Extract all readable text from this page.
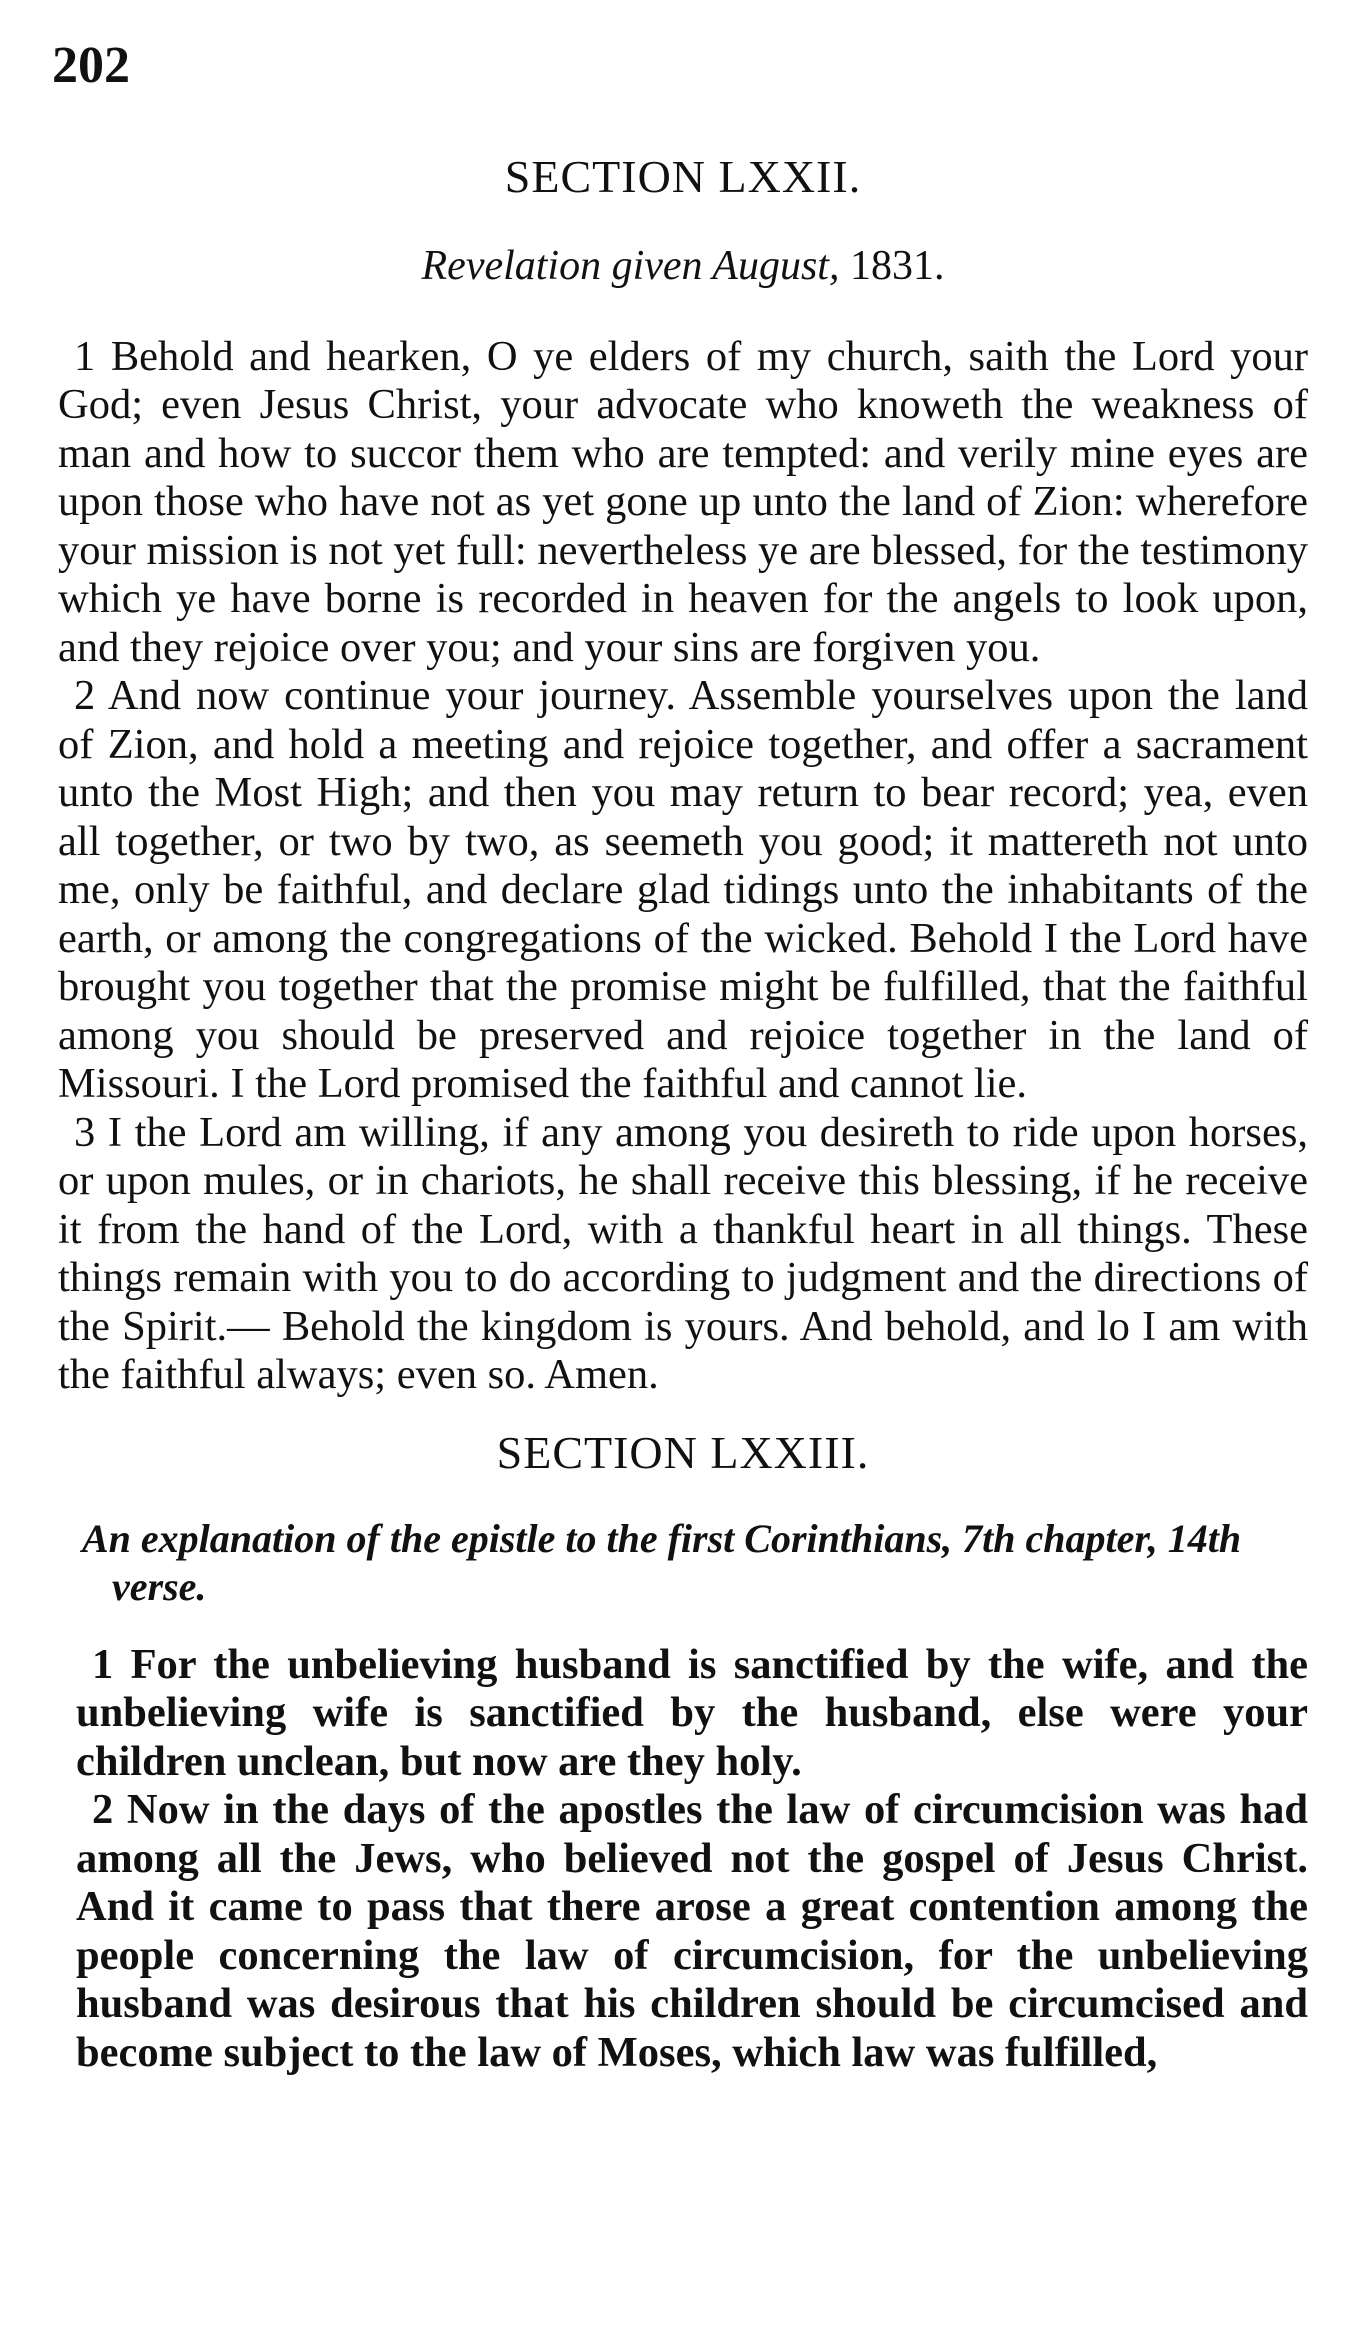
202
SECTION LXXII.
Revelation given August, 1831.

1 Behold and hearken, O ye elders of my church, saith the Lord your God; even Jesus Christ, your advocate who knoweth the weakness of man and how to succor them who are tempted: and verily mine eyes are upon those who have not as yet gone up unto the land of Zion: wherefore your mission is not yet full: nevertheless ye are blessed, for the testimony which ye have borne is recorded in heaven for the angels to look upon, and they rejoice over you; and your sins are forgiven you.

2 And now continue your journey. Assemble yourselves upon the land of Zion, and hold a meeting and rejoice together, and offer a sacrament unto the Most High; and then you may return to bear record; yea, even all together, or two by two, as seemeth you good; it mattereth not unto me, only be faithful, and declare glad tidings unto the inhabitants of the earth, or among the congregations of the wicked. Behold I the Lord have brought you together that the promise might be fulfilled, that the faithful among you should be preserved and rejoice together in the land of Missouri. I the Lord promised the faithful and cannot lie.

3 I the Lord am willing, if any among you desireth to ride upon horses, or upon mules, or in chariots, he shall receive this blessing, if he receive it from the hand of the Lord, with a thankful heart in all things. These things remain with you to do according to judgment and the directions of the Spirit.— Behold the kingdom is yours. And behold, and lo I am with the faithful always; even so. Amen.

SECTION LXXIII.
An explanation of the epistle to the first Corinthians, 7th chapter, 14th verse.

1 For the unbelieving husband is sanctified by the wife, and the unbelieving wife is sanctified by the husband, else were your children unclean, but now are they holy.

2 Now in the days of the apostles the law of circumcision was had among all the Jews, who believed not the gospel of Jesus Christ. And it came to pass that there arose a great contention among the people concerning the law of circumcision, for the unbelieving husband was desirous that his children should be circumcised and become subject to the law of Moses, which law was fulfilled,
